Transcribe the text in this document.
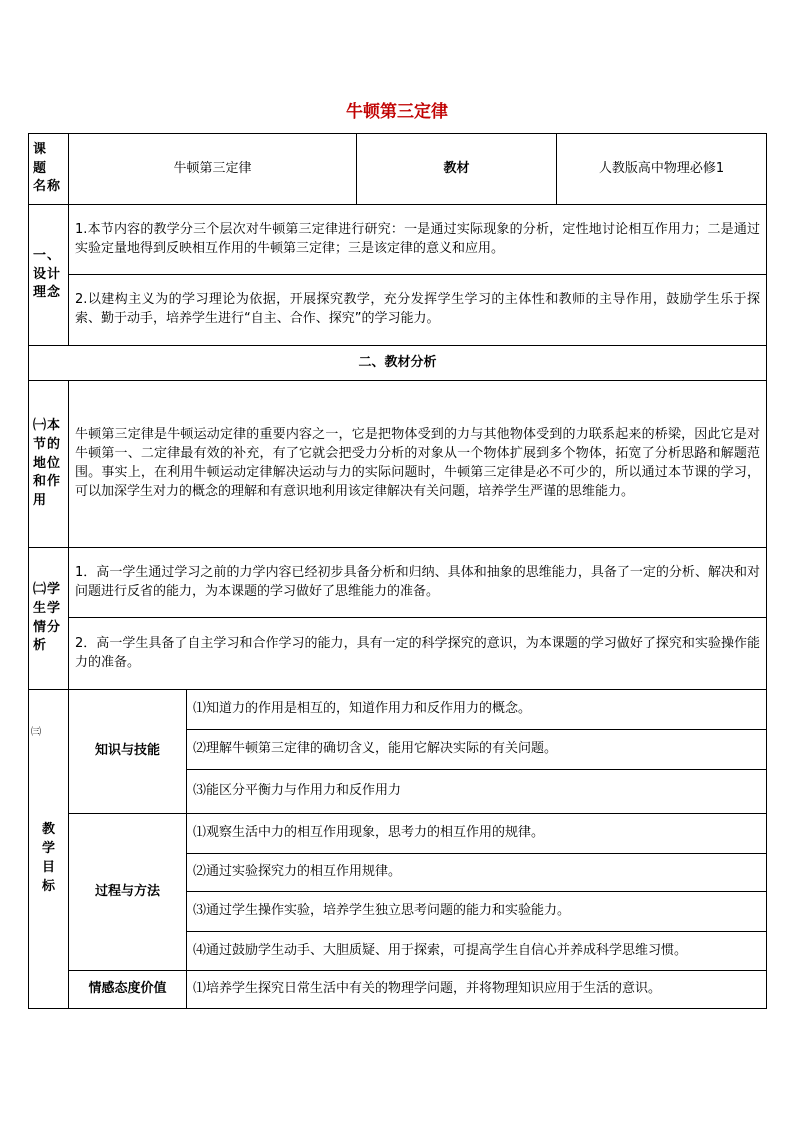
牛顿第三定律
课 题 名称	牛顿第三定律		教材	人教版高中物理必修1
一、设计理念	1.本节内容的教学分三个层次对牛顿第三定律进行研究：一是通过实际现象的分析，定性地讨论相互作用力；二是通过实验定量地得到反映相互作用的牛顿第三定律；三是该定律的意义和应用。			
	2.以建构主义为的学习理论为依据，开展探究教学，充分发挥学生学习的主体性和教师的主导作用，鼓励学生乐于探索、勤于动手，培养学生进行“自主、合作、探究”的学习能力。			
二、教材分析				
㈠本节的地位和作用	牛顿第三定律是牛顿运动定律的重要内容之一，它是把物体受到的力与其他物体受到的力联系起来的桥梁，因此它是对牛顿第一、二定律最有效的补充，有了它就会把受力分析的对象从一个物体扩展到多个物体，拓宽了分析思路和解题范围。事实上，在利用牛顿运动定律解决运动与力的实际问题时，牛顿第三定律是必不可少的，所以通过本节课的学习，可以加深学生对力的概念的理解和有意识地利用该定律解决有关问题，培养学生严谨的思维能力。			
㈡学生学情分析	1．高一学生通过学习之前的力学内容已经初步具备分析和归纳、具体和抽象的思维能力，具备了一定的分析、解决和对问题进行反省的能力，为本课题的学习做好了思维能力的准备。			
	2．高一学生具备了自主学习和合作学习的能力，具有一定的科学探究的意识，为本课题的学习做好了探究和实验操作能力的准备。			

㈢
教学目标	知识与技能	⑴知道力的作用是相互的，知道作用力和反作用力的概念。		
		⑵理解牛顿第三定律的确切含义，能用它解决实际的有关问题。		
		⑶能区分平衡力与作用力和反作用力		
	过程与方法	⑴观察生活中力的相互作用现象，思考力的相互作用的规律。		
		⑵通过实验探究力的相互作用规律。		
		⑶通过学生操作实验，培养学生独立思考问题的能力和实验能力。		
		⑷通过鼓励学生动手、大胆质疑、用于探索，可提高学生自信心并养成科学思维习惯。		
	情感态度价值	⑴培养学生探究日常生活中有关的物理学问题，并将物理知识应用于生活的意识。		
